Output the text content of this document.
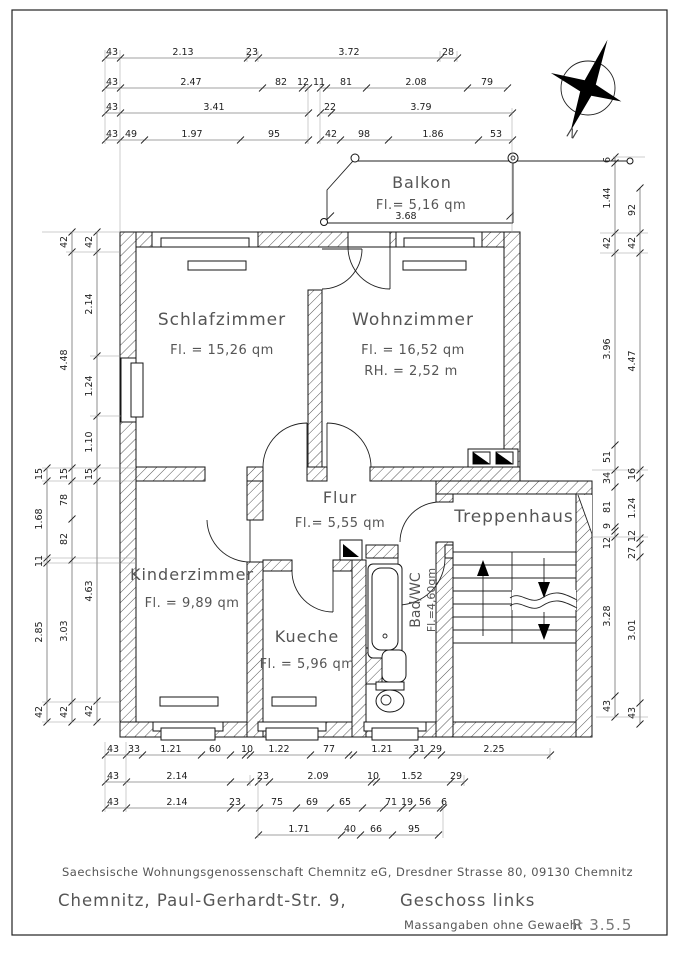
N
Schlafzimmer
Fl. = 15,26 qm
Wohnzimmer
Fl. = 16,52 qm
RH. = 2,52 m
Flur
Fl.= 5,55 qm	Treppenhaus
Kinderzimmer
Fl. = 9,89 qm
Kueche
Fl. = 5,96 qm
Bad/WC Fl.=4,60qm
Balkon
Fl.= 5,16 qm
3.68
43	2.13	23	3.72	28
43	2.47	82 12 11 81	2.08	79
43	3.41	22	3.79
43 49	1.97	95	42 98	1.86	53
15
1.68
11
2.85
42
42
4.48
15
78
82
3.03
42
42
2.14
1.24
1.10
15
4.63
42
6
1.44
42
3.96
51
34
81
9
12
3.28
43
92
42
4.47
16
1.24
12
27
3.01
43
43 33 1.21	60 10 1.22	77	1.21 31 29	2.25
43	2.14	23	2.09	10 1.52	29
43	2.14	23	75 69 65	71 19 56 6
1.71	40 66	95
Saechsische Wohnungsgenossenschaft Chemnitz eG, Dresdner Strasse 80, 09130 Chemnitz
Chemnitz, Paul-Gerhardt-Str. 9,	Geschoss links
Massangaben ohne Gewaehr
R 3.5.5
